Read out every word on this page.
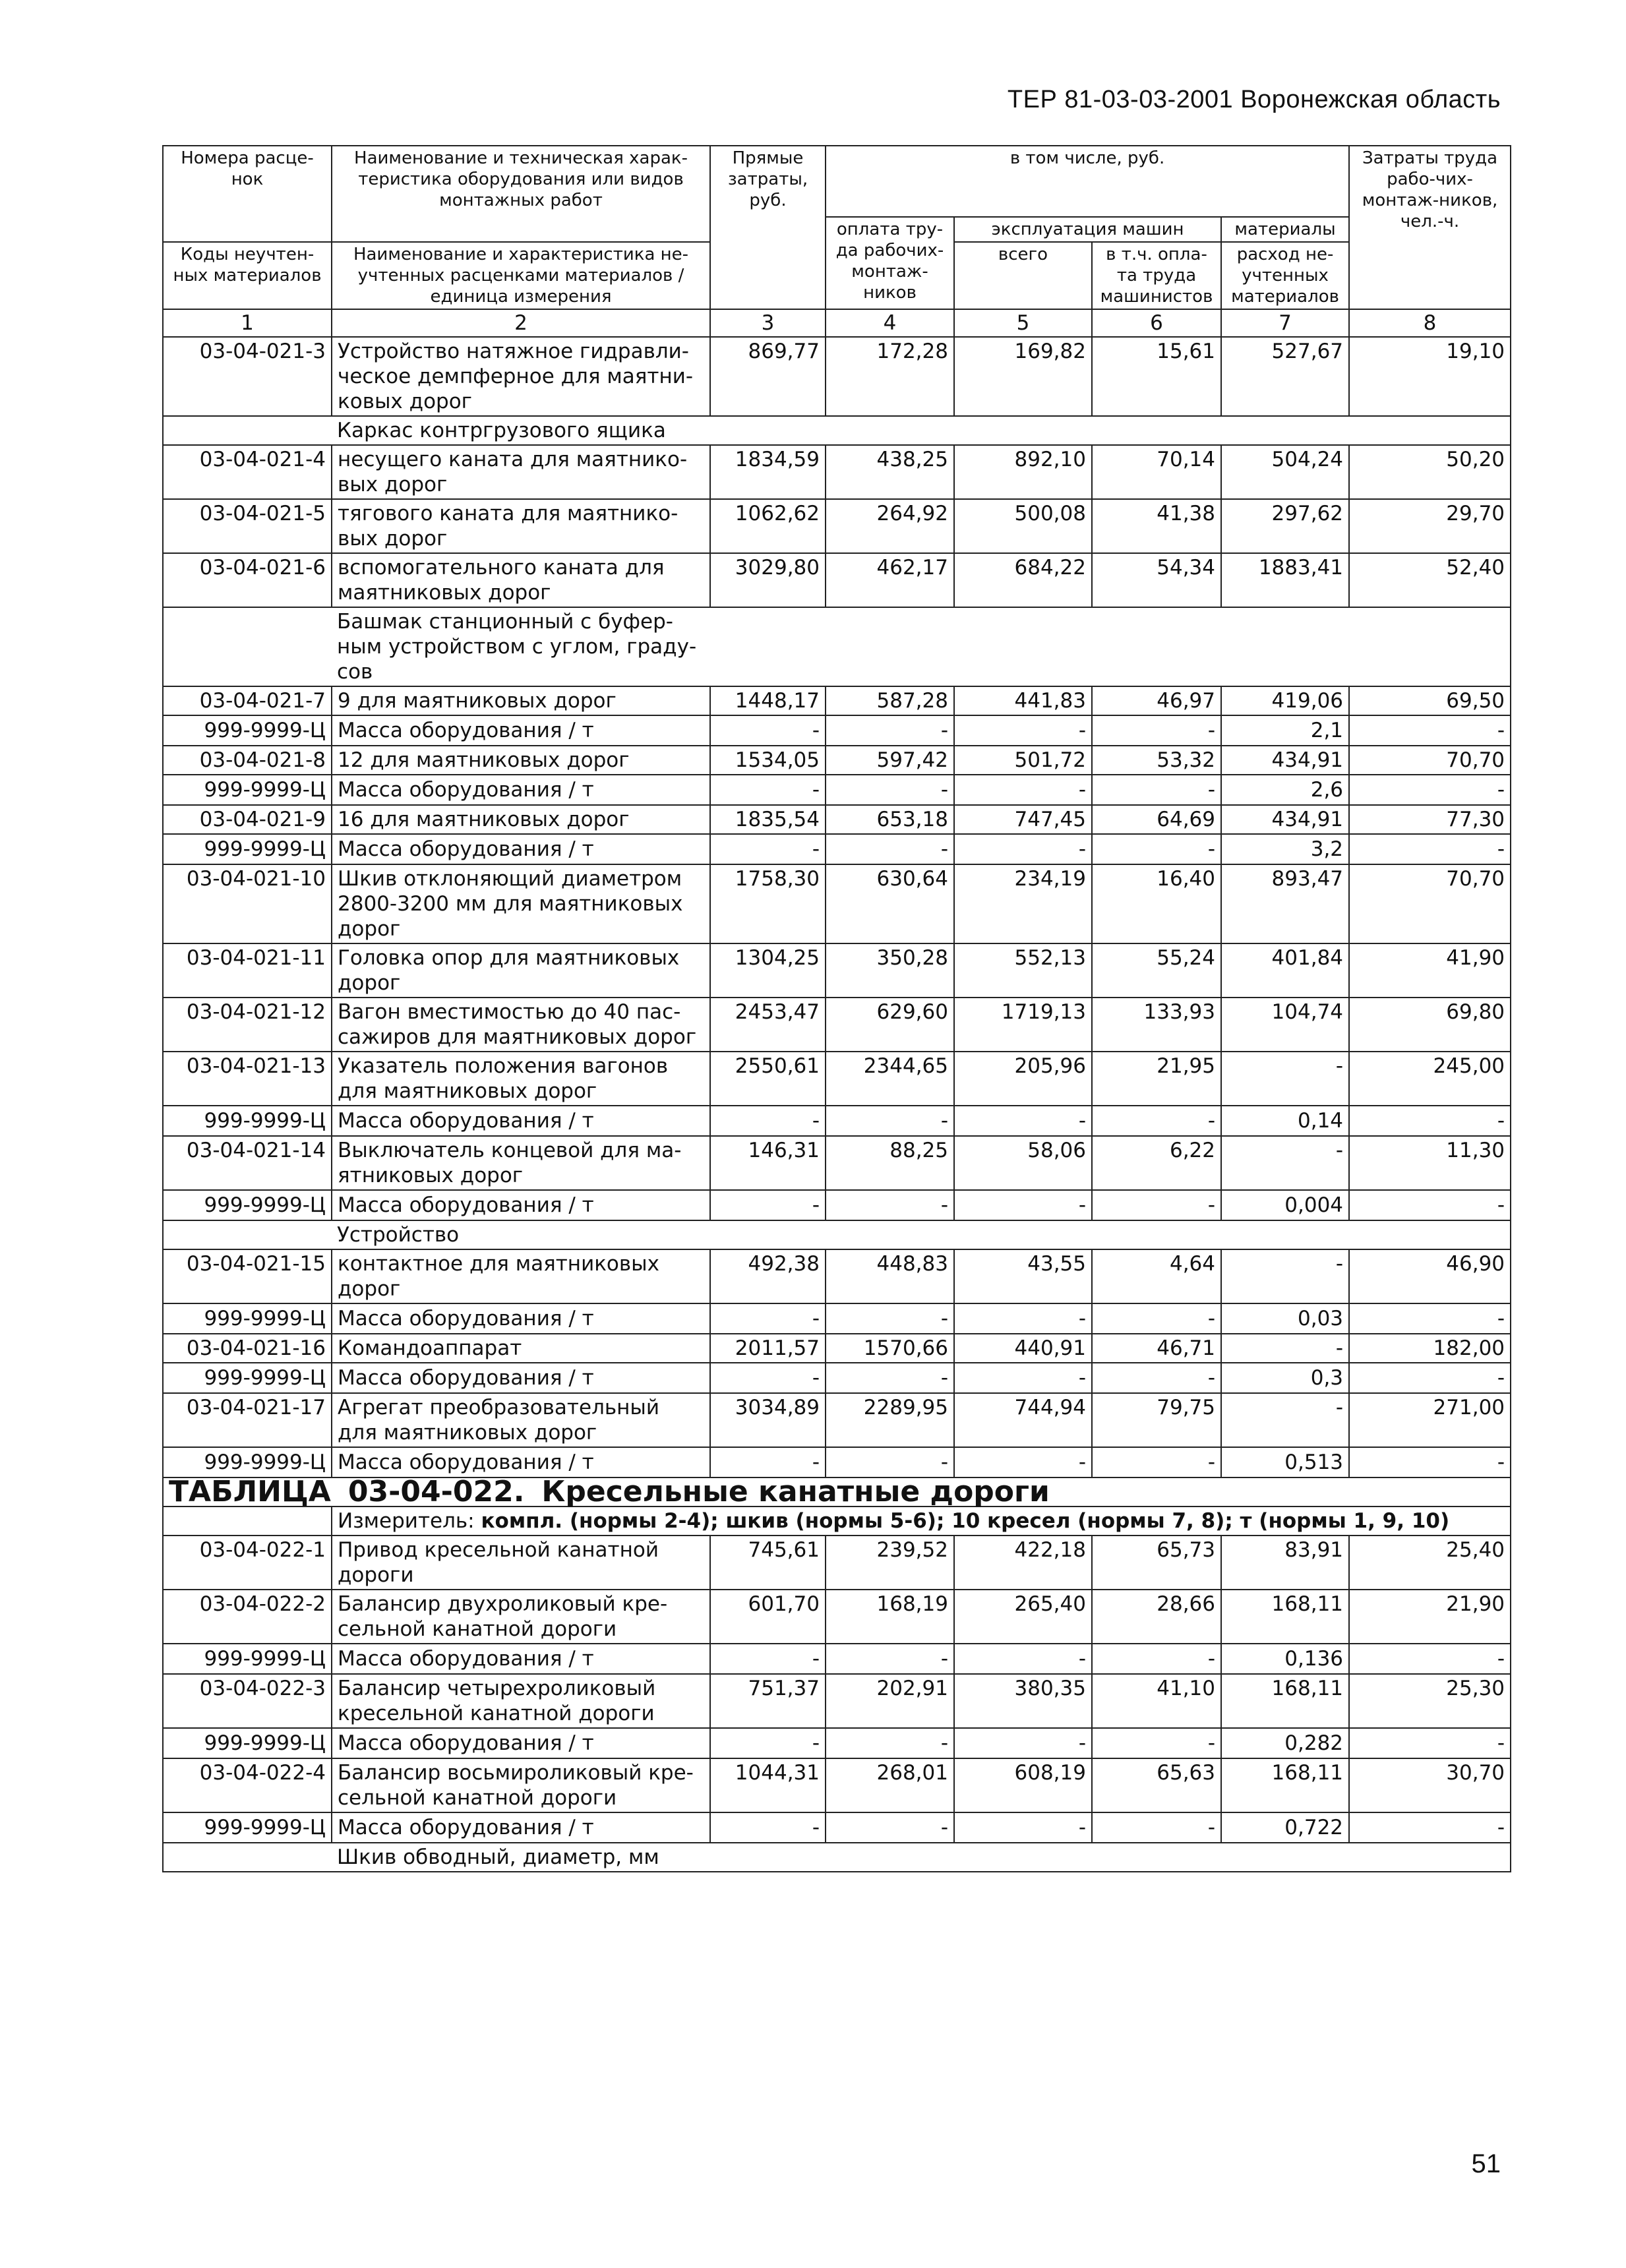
ТЕР 81-03-03-2001 Воронежская область
Номера расце-нок	Наименование и техническая харак-теристика оборудования или видов монтажных работ	Прямые затраты, руб.	в том числе, руб.				Затраты труда рабо-чих-монтаж-ников, чел.-ч.
			оплата тру-да рабочих-монтаж-ников	эксплуатация машин		материалы	
Коды неучтен-ных материалов	Наименование и характеристика не-учтенных расценками материалов / единица измерения			всего	в т.ч. опла-та труда машинистов	расход не-учтенных материалов	

1	2	3	4	5	6	7	8
03-04-021-3	Устройство натяжное гидравли-ческое демпферное для маятни-ковых дорог	869,77	172,28	169,82	15,61	527,67	19,10
	Каркас контргрузового ящика						
03-04-021-4	несущего каната для маятнико-вых дорог	1834,59	438,25	892,10	70,14	504,24	50,20
03-04-021-5	тягового каната для маятнико-вых дорог	1062,62	264,92	500,08	41,38	297,62	29,70
03-04-021-6	вспомогательного каната для маятниковых дорог	3029,80	462,17	684,22	54,34	1883,41	52,40
	Башмак станционный с буфер-ным устройством с углом, граду-сов						
03-04-021-7	9 для маятниковых дорог	1448,17	587,28	441,83	46,97	419,06	69,50
999-9999-Ц	Масса оборудования / т	-	-	-	-	2,1	-
03-04-021-8	12 для маятниковых дорог	1534,05	597,42	501,72	53,32	434,91	70,70
999-9999-Ц	Масса оборудования / т	-	-	-	-	2,6	-
03-04-021-9	16 для маятниковых дорог	1835,54	653,18	747,45	64,69	434,91	77,30
999-9999-Ц	Масса оборудования / т	-	-	-	-	3,2	-
03-04-021-10	Шкив отклоняющий диаметром 2800-3200 мм для маятниковых дорог	1758,30	630,64	234,19	16,40	893,47	70,70
03-04-021-11	Головка опор для маятниковых дорог	1304,25	350,28	552,13	55,24	401,84	41,90
03-04-021-12	Вагон вместимостью до 40 пас-сажиров для маятниковых дорог	2453,47	629,60	1719,13	133,93	104,74	69,80
03-04-021-13	Указатель положения вагонов для маятниковых дорог	2550,61	2344,65	205,96	21,95	-	245,00
999-9999-Ц	Масса оборудования / т	-	-	-	-	0,14	-
03-04-021-14	Выключатель концевой для ма-ятниковых дорог	146,31	88,25	58,06	6,22	-	11,30
999-9999-Ц	Масса оборудования / т	-	-	-	-	0,004	-
	Устройство						
03-04-021-15	контактное для маятниковых дорог	492,38	448,83	43,55	4,64	-	46,90
999-9999-Ц	Масса оборудования / т	-	-	-	-	0,03	-
03-04-021-16	Командоаппарат	2011,57	1570,66	440,91	46,71	-	182,00
999-9999-Ц	Масса оборудования / т	-	-	-	-	0,3	-
03-04-021-17	Агрегат преобразовательный для маятниковых дорог	3034,89	2289,95	744,94	79,75	-	271,00
999-9999-Ц	Масса оборудования / т	-	-	-	-	0,513	-
ТАБЛИЦА 03-04-022. Кресельные канатные дороги							
	Измеритель: компл. (нормы 2-4); шкив (нормы 5-6); 10 кресел (нормы 7, 8); т (нормы 1, 9, 10)						
03-04-022-1	Привод кресельной канатной дороги	745,61	239,52	422,18	65,73	83,91	25,40
03-04-022-2	Балансир двухроликовый кре-сельной канатной дороги	601,70	168,19	265,40	28,66	168,11	21,90
999-9999-Ц	Масса оборудования / т	-	-	-	-	0,136	-
03-04-022-3	Балансир четырехроликовый кресельной канатной дороги	751,37	202,91	380,35	41,10	168,11	25,30
999-9999-Ц	Масса оборудования / т	-	-	-	-	0,282	-
03-04-022-4	Балансир восьмироликовый кре-сельной канатной дороги	1044,31	268,01	608,19	65,63	168,11	30,70
999-9999-Ц	Масса оборудования / т	-	-	-	-	0,722	-
	Шкив обводный, диаметр, мм						
51
